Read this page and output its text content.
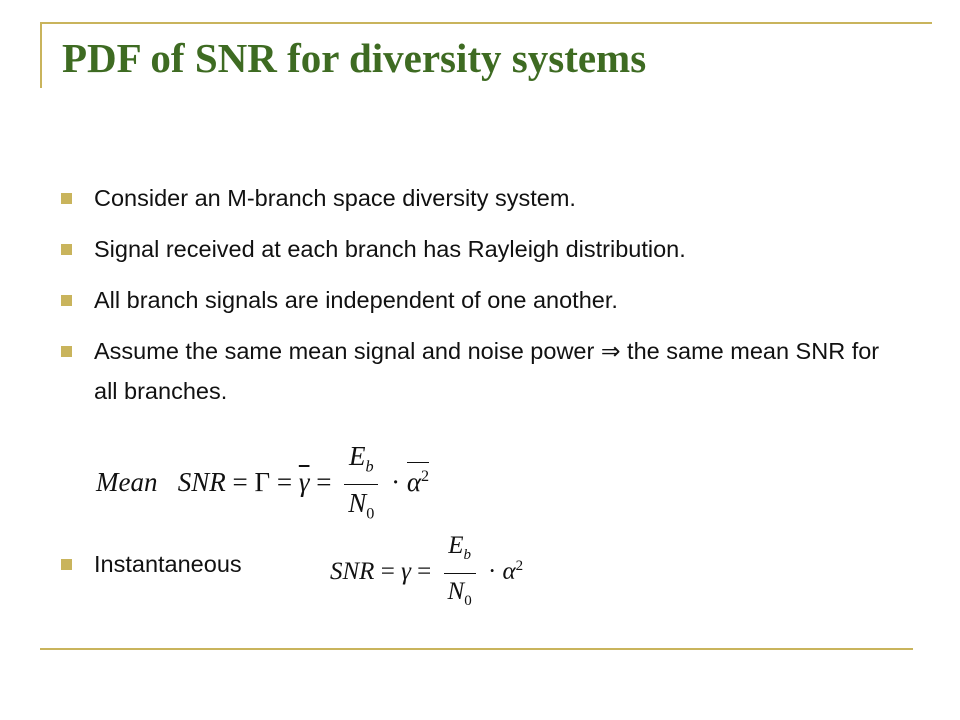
PDF of SNR for diversity systems
Consider an M-branch space diversity system.
Signal received at each branch has Rayleigh distribution.
All branch signals are independent of one another.
Assume the same mean signal and noise power ⇒ the same mean SNR for all branches.
Mean SNR = $\Gamma = \overline{\gamma} = \frac{E_b}{N_0} \cdot \alpha^2$
Instantaneous	SNR = $\gamma = \frac{E_b}{N_0} \cdot \alpha^2$
